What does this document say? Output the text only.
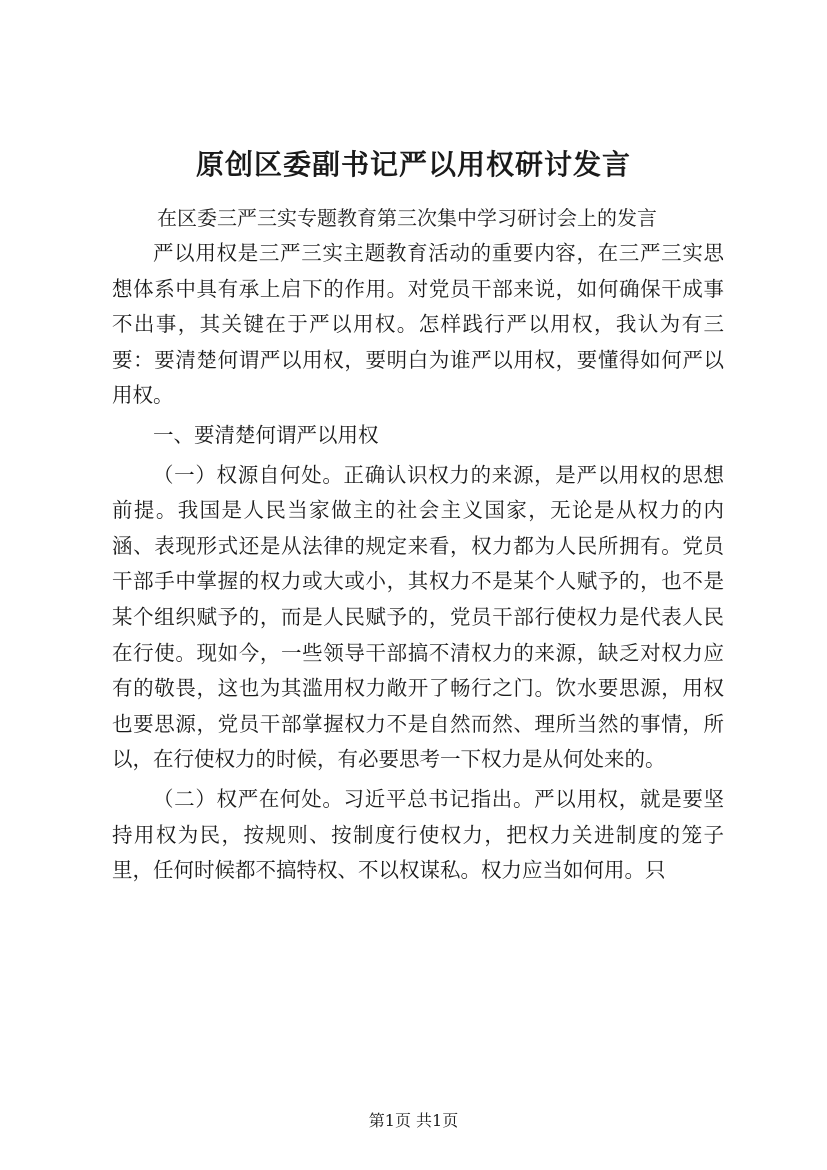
原创区委副书记严以用权研讨发言
在区委三严三实专题教育第三次集中学习研讨会上的发言

严以用权是三严三实主题教育活动的重要内容，在三严三实思想体系中具有承上启下的作用。对党员干部来说，如何确保干成事不出事，其关键在于严以用权。怎样践行严以用权，我认为有三要：要清楚何谓严以用权，要明白为谁严以用权，要懂得如何严以用权。

一、要清楚何谓严以用权

（一）权源自何处。正确认识权力的来源，是严以用权的思想前提。我国是人民当家做主的社会主义国家，无论是从权力的内涵、表现形式还是从法律的规定来看，权力都为人民所拥有。党员干部手中掌握的权力或大或小，其权力不是某个人赋予的，也不是某个组织赋予的，而是人民赋予的，党员干部行使权力是代表人民在行使。现如今，一些领导干部搞不清权力的来源，缺乏对权力应有的敬畏，这也为其滥用权力敞开了畅行之门。饮水要思源，用权也要思源，党员干部掌握权力不是自然而然、理所当然的事情，所以，在行使权力的时候，有必要思考一下权力是从何处来的。

（二）权严在何处。习近平总书记指出。严以用权，就是要坚持用权为民，按规则、按制度行使权力，把权力关进制度的笼子里，任何时候都不搞特权、不以权谋私。权力应当如何用。只

第1页 共1页
